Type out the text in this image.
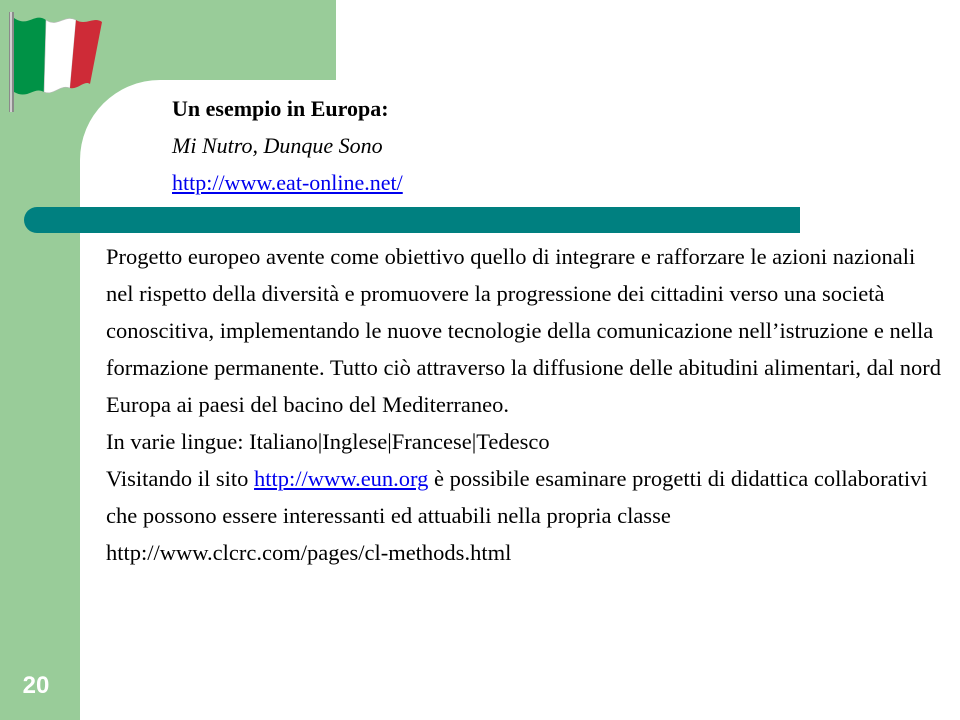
Un esempio in Europa:
Mi Nutro, Dunque Sono
http://www.eat-online.net/

Progetto europeo avente come obiettivo quello di integrare e rafforzare le azioni nazionali nel rispetto della diversità e promuovere la progressione dei cittadini verso una società conoscitiva, implementando le nuove tecnologie della comunicazione nell’istruzione e nella formazione permanente. Tutto ciò attraverso la diffusione delle abitudini alimentari, dal nord Europa ai paesi del bacino del Mediterraneo.

In varie lingue: Italiano|Inglese|Francese|Tedesco

Visitando il sito http://www.eun.org è possibile esaminare progetti di didattica collaborativi che possono essere interessanti ed attuabili nella propria classe

http://www.clcrc.com/pages/cl-methods.html

20
